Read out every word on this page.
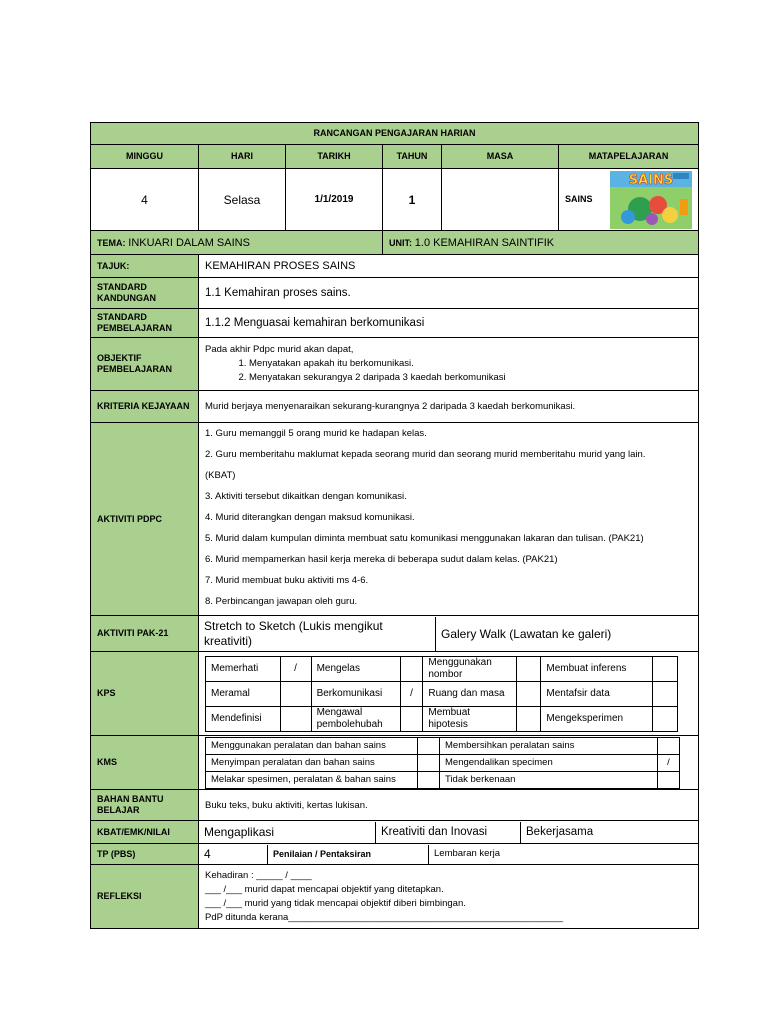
RANCANGAN PENGAJARAN HARIAN
MINGGU	HARI	TARIKH	TAHUN	MASA	MATAPELAJARAN
4	Selasa	1/1/2019	1		SAINS
SAINS

TEMA: INKUARI DALAM SAINS	UNIT: 1.0 KEMAHIRAN SAINTIFIK
TAJUK:	KEMAHIRAN PROSES SAINS
STANDARD KANDUNGAN	1.1 Kemahiran proses sains.
STANDARD PEMBELAJARAN	1.1.2 Menguasai kemahiran berkomunikasi
OBJEKTIF PEMBELAJARAN	
Pada akhir Pdpc murid akan dapat,
1. Menyatakan apakah itu berkomunikasi.
2. Menyatakan sekurangya 2 daripada 3 kaedah berkomunikasi

KRITERIA KEJAYAAN	Murid berjaya menyenaraikan sekurang-kurangnya 2 daripada 3 kaedah berkomunikasi.
AKTIVITI PDPC	

1. Guru memanggil 5 orang murid ke hadapan kelas.

2. Guru memberitahu maklumat kepada seorang murid dan seorang murid memberitahu murid yang lain.

(KBAT)

3. Aktiviti tersebut dikaitkan dengan komunikasi.

4. Murid diterangkan dengan maksud komunikasi.

5. Murid dalam kumpulan diminta membuat satu komunikasi menggunakan lakaran dan tulisan. (PAK21)

6. Murid mempamerkan hasil kerja mereka di beberapa sudut dalam kelas. (PAK21)

7. Murid membuat buku aktiviti ms 4-6.

8. Perbincangan jawapan oleh guru.

AKTIVITI PAK-21	
Stretch to Sketch (Lukis mengikut kreativiti)	Galery Walk (Lawatan ke galeri)

KPS	
Memerhati	/	Mengelas		Menggunakan nombor		Membuat inferens	
Meramal		Berkomunikasi	/	Ruang dan masa		Mentafsir data	
Mendefinisi		Mengawal pembolehubah		Membuat hipotesis		Mengeksperimen	

KMS	
Menggunakan peralatan dan bahan sains		Membersihkan peralatan sains	
Menyimpan peralatan dan bahan sains		Mengendalikan specimen	/
Melakar spesimen, peralatan & bahan sains		Tidak berkenaan	

BAHAN BANTU BELAJAR	Buku teks, buku aktiviti, kertas lukisan.
KBAT/EMK/NILAI		Mengaplikasi	Kreativiti dan Inovasi	Bekerjasama

TP (PBS)		4	Penilaian / Pentaksiran	Lembaran kerja

REFLEKSI	
Kehadiran : _____ / ____
___ /___ murid dapat mencapai objektif yang ditetapkan.
___ /___ murid yang tidak mencapai objektif diberi bimbingan.
PdP ditunda kerana____________________________________________________
